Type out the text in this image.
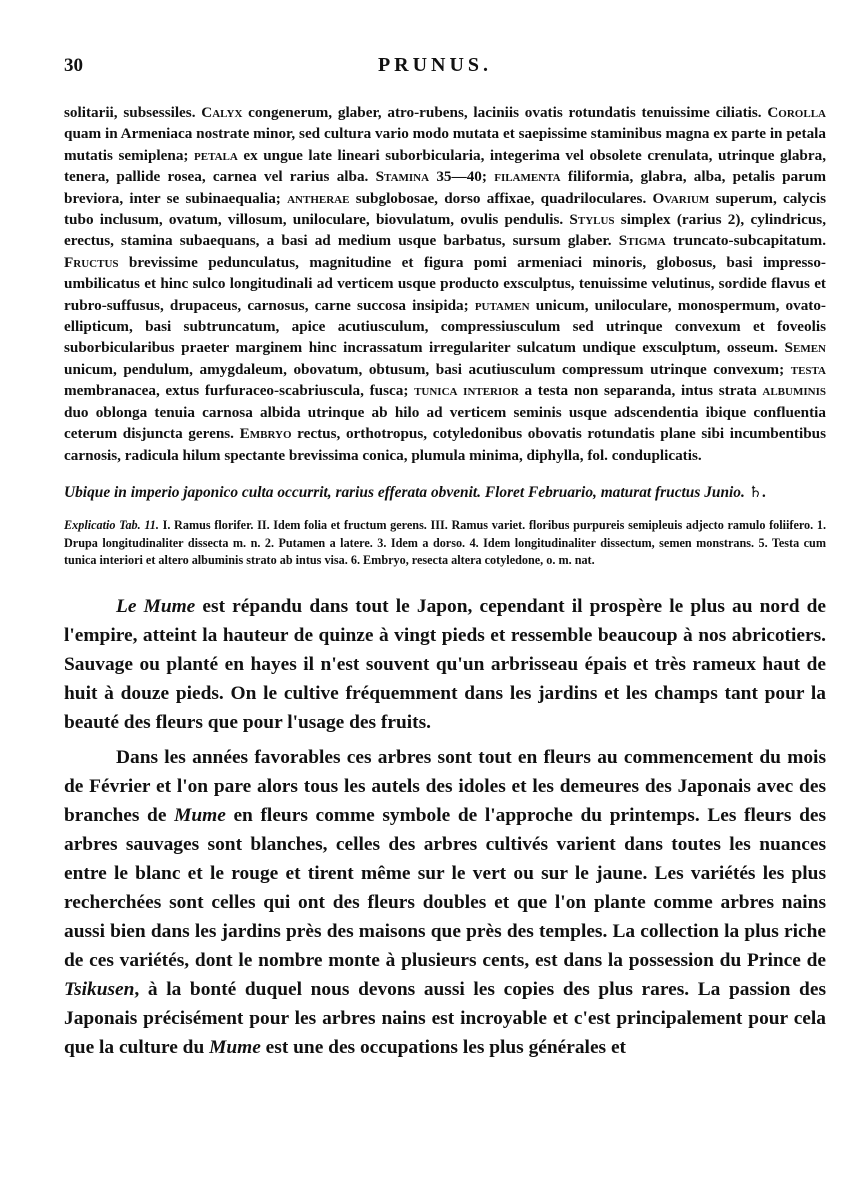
30	PRUNUS.

solitarii, subsessiles. Calyx congenerum, glaber, atro-rubens, laciniis ovatis rotundatis tenuissime ciliatis. Corolla quam in Armeniaca nostrate minor, sed cultura vario modo mutata et saepissime staminibus magna ex parte in petala mutatis semiplena; petala ex ungue late lineari suborbicularia, integerima vel obsolete crenulata, utrinque glabra, tenera, pallide rosea, carnea vel rarius alba. Stamina 35—40; filamenta filiformia, glabra, alba, petalis parum breviora, inter se subinaequalia; antherae subglobosae, dorso affixae, quadriloculares. Ovarium superum, calycis tubo inclusum, ovatum, villosum, uniloculare, biovulatum, ovulis pendulis. Stylus simplex (rarius 2), cylindricus, erectus, stamina subaequans, a basi ad medium usque barbatus, sursum glaber. Stigma truncato-subcapitatum. Fructus brevissime pedunculatus, magnitudine et figura pomi armeniaci minoris, globosus, basi impresso-umbilicatus et hinc sulco longitudinali ad verticem usque producto exsculptus, tenuissime velutinus, sordide flavus et rubro-suffusus, drupaceus, carnosus, carne succosa insipida; putamen unicum, uniloculare, monospermum, ovato-ellipticum, basi subtruncatum, apice acutiusculum, compressiusculum sed utrinque convexum et foveolis suborbicularibus praeter marginem hinc incrassatum irregulariter sulcatum undique exsculptum, osseum. Semen unicum, pendulum, amygdaleum, obovatum, obtusum, basi acutiusculum compressum utrinque convexum; testa membranacea, extus furfuraceo-scabriuscula, fusca; tunica interior a testa non separanda, intus strata albuminis duo oblonga tenuia carnosa albida utrinque ab hilo ad verticem seminis usque adscendentia ibique confluentia ceterum disjuncta gerens. Embryo rectus, orthotropus, cotyledonibus obovatis rotundatis plane sibi incumbentibus carnosis, radicula hilum spectante brevissima conica, plumula minima, diphylla, fol. conduplicatis.

Ubique in imperio japonico culta occurrit, rarius efferata obvenit. Floret Februario, maturat fructus Junio. ♄.

Explicatio Tab. 11. I. Ramus florifer. II. Idem folia et fructum gerens. III. Ramus variet. floribus purpureis semipleuis adjecto ramulo foliifero. 1. Drupa longitudinaliter dissecta m. n. 2. Putamen a latere. 3. Idem a dorso. 4. Idem longitudinaliter dissectum, semen monstrans. 5. Testa cum tunica interiori et altero albuminis strato ab intus visa. 6. Embryo, resecta altera cotyledone, o. m. nat.

Le Mume est répandu dans tout le Japon, cependant il prospère le plus au nord de l'empire, atteint la hauteur de quinze à vingt pieds et ressemble beaucoup à nos abricotiers. Sauvage ou planté en hayes il n'est souvent qu'un arbrisseau épais et très rameux haut de huit à douze pieds. On le cultive fréquemment dans les jardins et les champs tant pour la beauté des fleurs que pour l'usage des fruits.

Dans les années favorables ces arbres sont tout en fleurs au commencement du mois de Février et l'on pare alors tous les autels des idoles et les demeures des Japonais avec des branches de Mume en fleurs comme symbole de l'approche du printemps. Les fleurs des arbres sauvages sont blanches, celles des arbres cultivés varient dans toutes les nuances entre le blanc et le rouge et tirent même sur le vert ou sur le jaune. Les variétés les plus recherchées sont celles qui ont des fleurs doubles et que l'on plante comme arbres nains aussi bien dans les jardins près des maisons que près des temples. La collection la plus riche de ces variétés, dont le nombre monte à plusieurs cents, est dans la possession du Prince de Tsikusen, à la bonté duquel nous devons aussi les copies des plus rares. La passion des Japonais précisément pour les arbres nains est incroyable et c'est principalement pour cela que la culture du Mume est une des occupations les plus générales et
